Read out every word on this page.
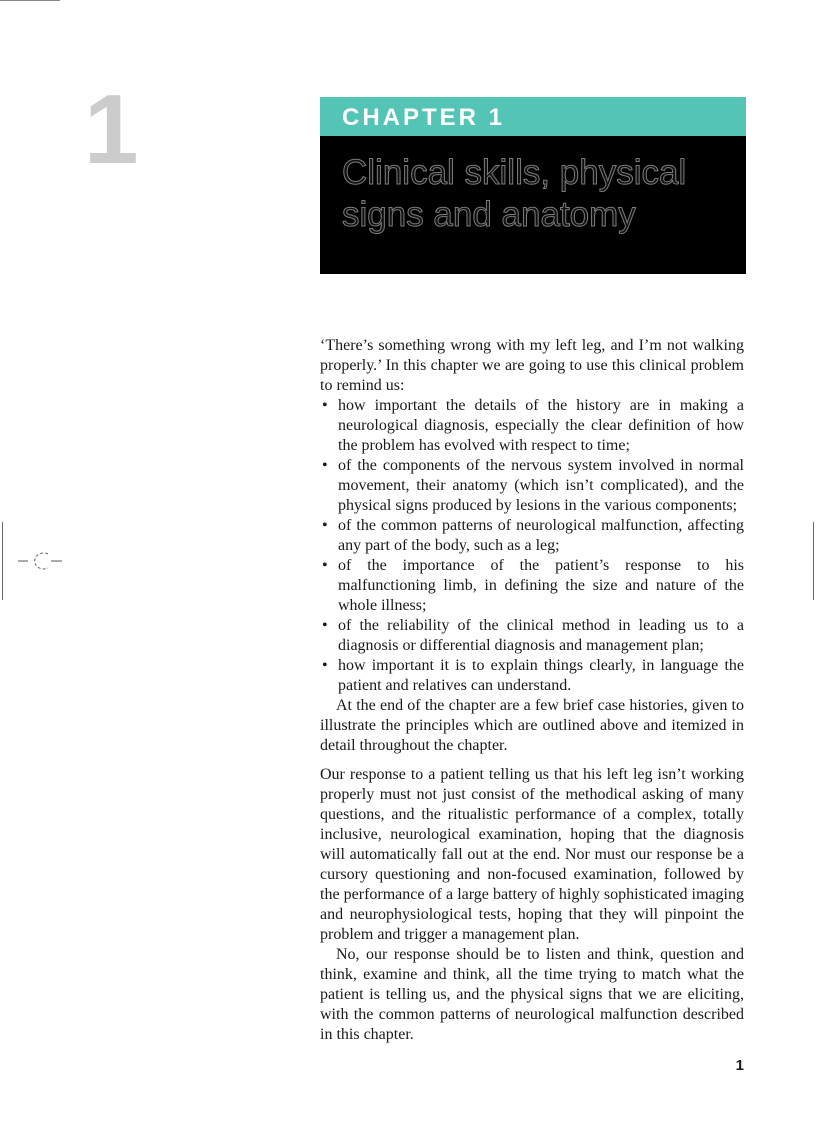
1	CHAPTER 1
Clinical skills, physical
signs and anatomy

‘There’s something wrong with my left leg, and I’m not walking properly.’ In this chapter we are going to use this clinical problem to remind us:

• how important the details of the history are in making a neurological diagnosis, especially the clear definition of how the problem has evolved with respect to time;
• of the components of the nervous system involved in normal movement, their anatomy (which isn’t complicated), and the physical signs produced by lesions in the various components;
• of the common patterns of neurological malfunction, affecting any part of the body, such as a leg;
• of the importance of the patient’s response to his malfunctioning limb, in defining the size and nature of the whole illness;
• of the reliability of the clinical method in leading us to a diagnosis or differential diagnosis and management plan;
• how important it is to explain things clearly, in language the patient and relatives can understand.

At the end of the chapter are a few brief case histories, given to illustrate the principles which are outlined above and itemized in detail throughout the chapter.

Our response to a patient telling us that his left leg isn’t working properly must not just consist of the methodical asking of many questions, and the ritualistic performance of a complex, totally inclusive, neurological examination, hoping that the diagnosis will automatically fall out at the end. Nor must our response be a cursory questioning and non-focused examination, followed by the performance of a large battery of highly sophisticated imaging and neurophysiological tests, hoping that they will pinpoint the problem and trigger a management plan.

No, our response should be to listen and think, question and think, examine and think, all the time trying to match what the patient is telling us, and the physical signs that we are eliciting, with the common patterns of neurological malfunction described in this chapter.

1
